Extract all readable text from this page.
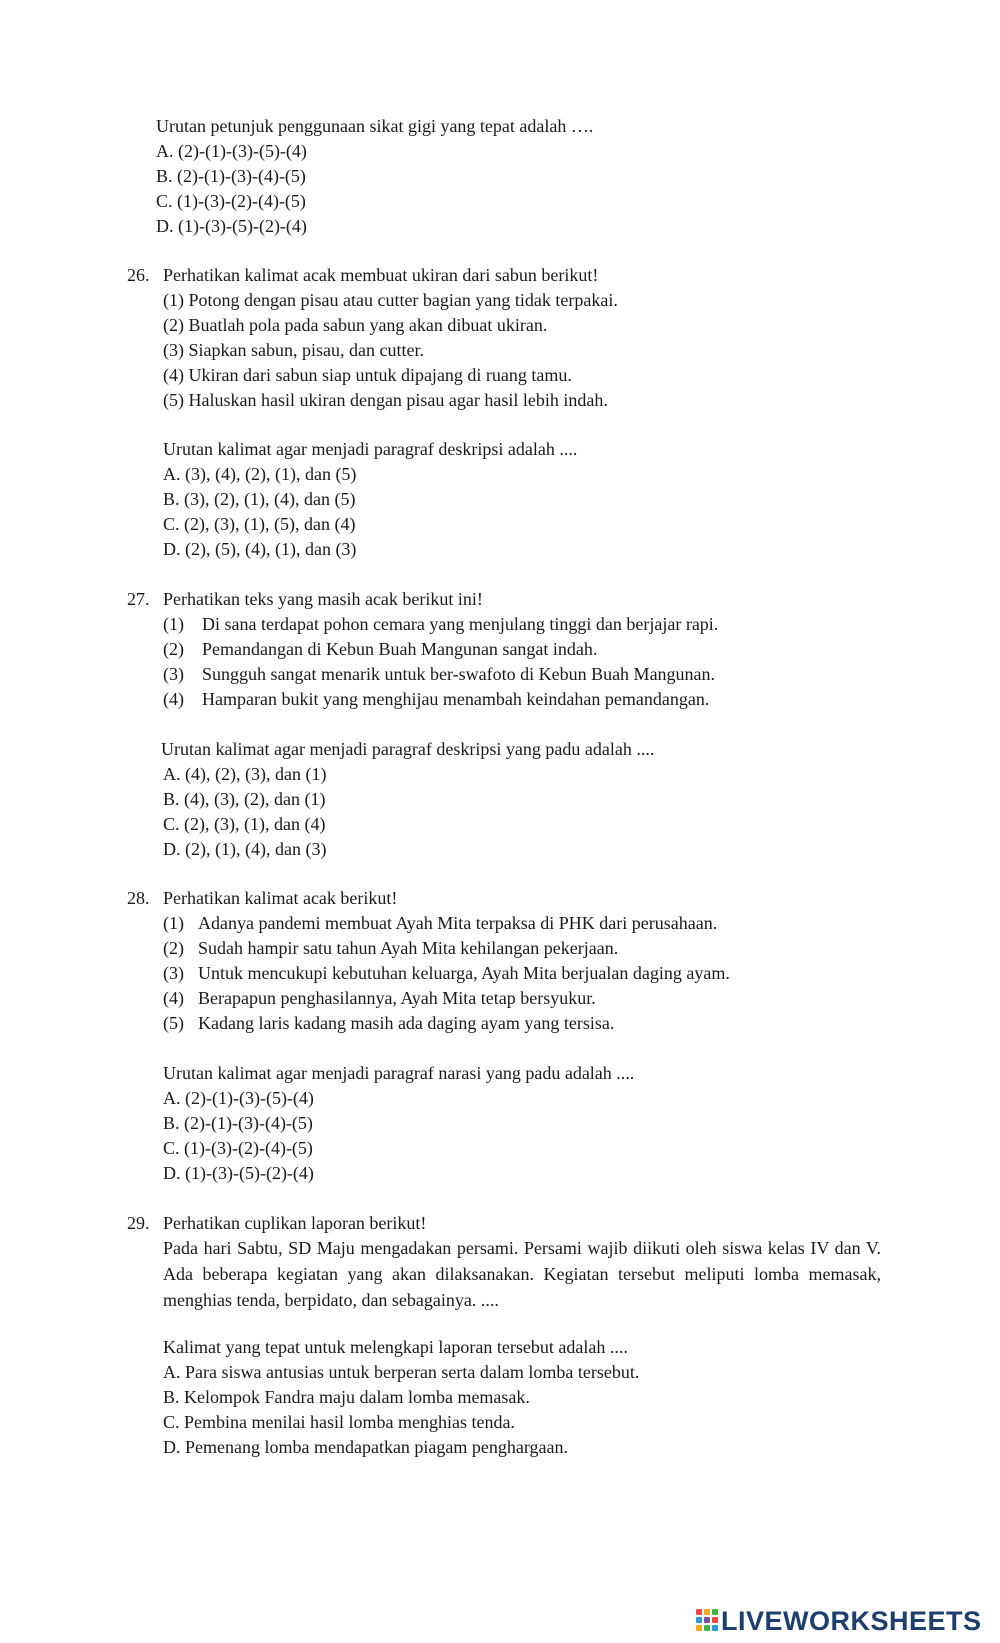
Urutan petunjuk penggunaan sikat gigi yang tepat adalah ….
A. (2)-(1)-(3)-(5)-(4)
B. (2)-(1)-(3)-(4)-(5)
C. (1)-(3)-(2)-(4)-(5)
D. (1)-(3)-(5)-(2)-(4)
26. Perhatikan kalimat acak membuat ukiran dari sabun berikut!
(1) Potong dengan pisau atau cutter bagian yang tidak terpakai.
(2) Buatlah pola pada sabun yang akan dibuat ukiran.
(3) Siapkan sabun, pisau, dan cutter.
(4) Ukiran dari sabun siap untuk dipajang di ruang tamu.
(5) Haluskan hasil ukiran dengan pisau agar hasil lebih indah.
Urutan kalimat agar menjadi paragraf deskripsi adalah ....
A. (3), (4), (2), (1), dan (5)
B. (3), (2), (1), (4), dan (5)
C. (2), (3), (1), (5), dan (4)
D. (2), (5), (4), (1), dan (3)
27. Perhatikan teks yang masih acak berikut ini!
(1) Di sana terdapat pohon cemara yang menjulang tinggi dan berjajar rapi.
(2) Pemandangan di Kebun Buah Mangunan sangat indah.
(3) Sungguh sangat menarik untuk ber-swafoto di Kebun Buah Mangunan.
(4) Hamparan bukit yang menghijau menambah keindahan pemandangan.
Urutan kalimat agar menjadi paragraf deskripsi yang padu adalah ....
A. (4), (2), (3), dan (1)
B. (4), (3), (2), dan (1)
C. (2), (3), (1), dan (4)
D. (2), (1), (4), dan (3)
28. Perhatikan kalimat acak berikut!
(1) Adanya pandemi membuat Ayah Mita terpaksa di PHK dari perusahaan.
(2) Sudah hampir satu tahun Ayah Mita kehilangan pekerjaan.
(3) Untuk mencukupi kebutuhan keluarga, Ayah Mita berjualan daging ayam.
(4) Berapapun penghasilannya, Ayah Mita tetap bersyukur.
(5) Kadang laris kadang masih ada daging ayam yang tersisa.
Urutan kalimat agar menjadi paragraf narasi yang padu adalah ....
A. (2)-(1)-(3)-(5)-(4)
B. (2)-(1)-(3)-(4)-(5)
C. (1)-(3)-(2)-(4)-(5)
D. (1)-(3)-(5)-(2)-(4)
29. Perhatikan cuplikan laporan berikut!
Pada hari Sabtu, SD Maju mengadakan persami. Persami wajib diikuti oleh siswa kelas IV dan V. Ada beberapa kegiatan yang akan dilaksanakan. Kegiatan tersebut meliputi lomba memasak, menghias tenda, berpidato, dan sebagainya. ....
Kalimat yang tepat untuk melengkapi laporan tersebut adalah ....
A. Para siswa antusias untuk berperan serta dalam lomba tersebut.
B. Kelompok Fandra maju dalam lomba memasak.
C. Pembina menilai hasil lomba menghias tenda.
D. Pemenang lomba mendapatkan piagam penghargaan.
LIVEWORKSHEETS
